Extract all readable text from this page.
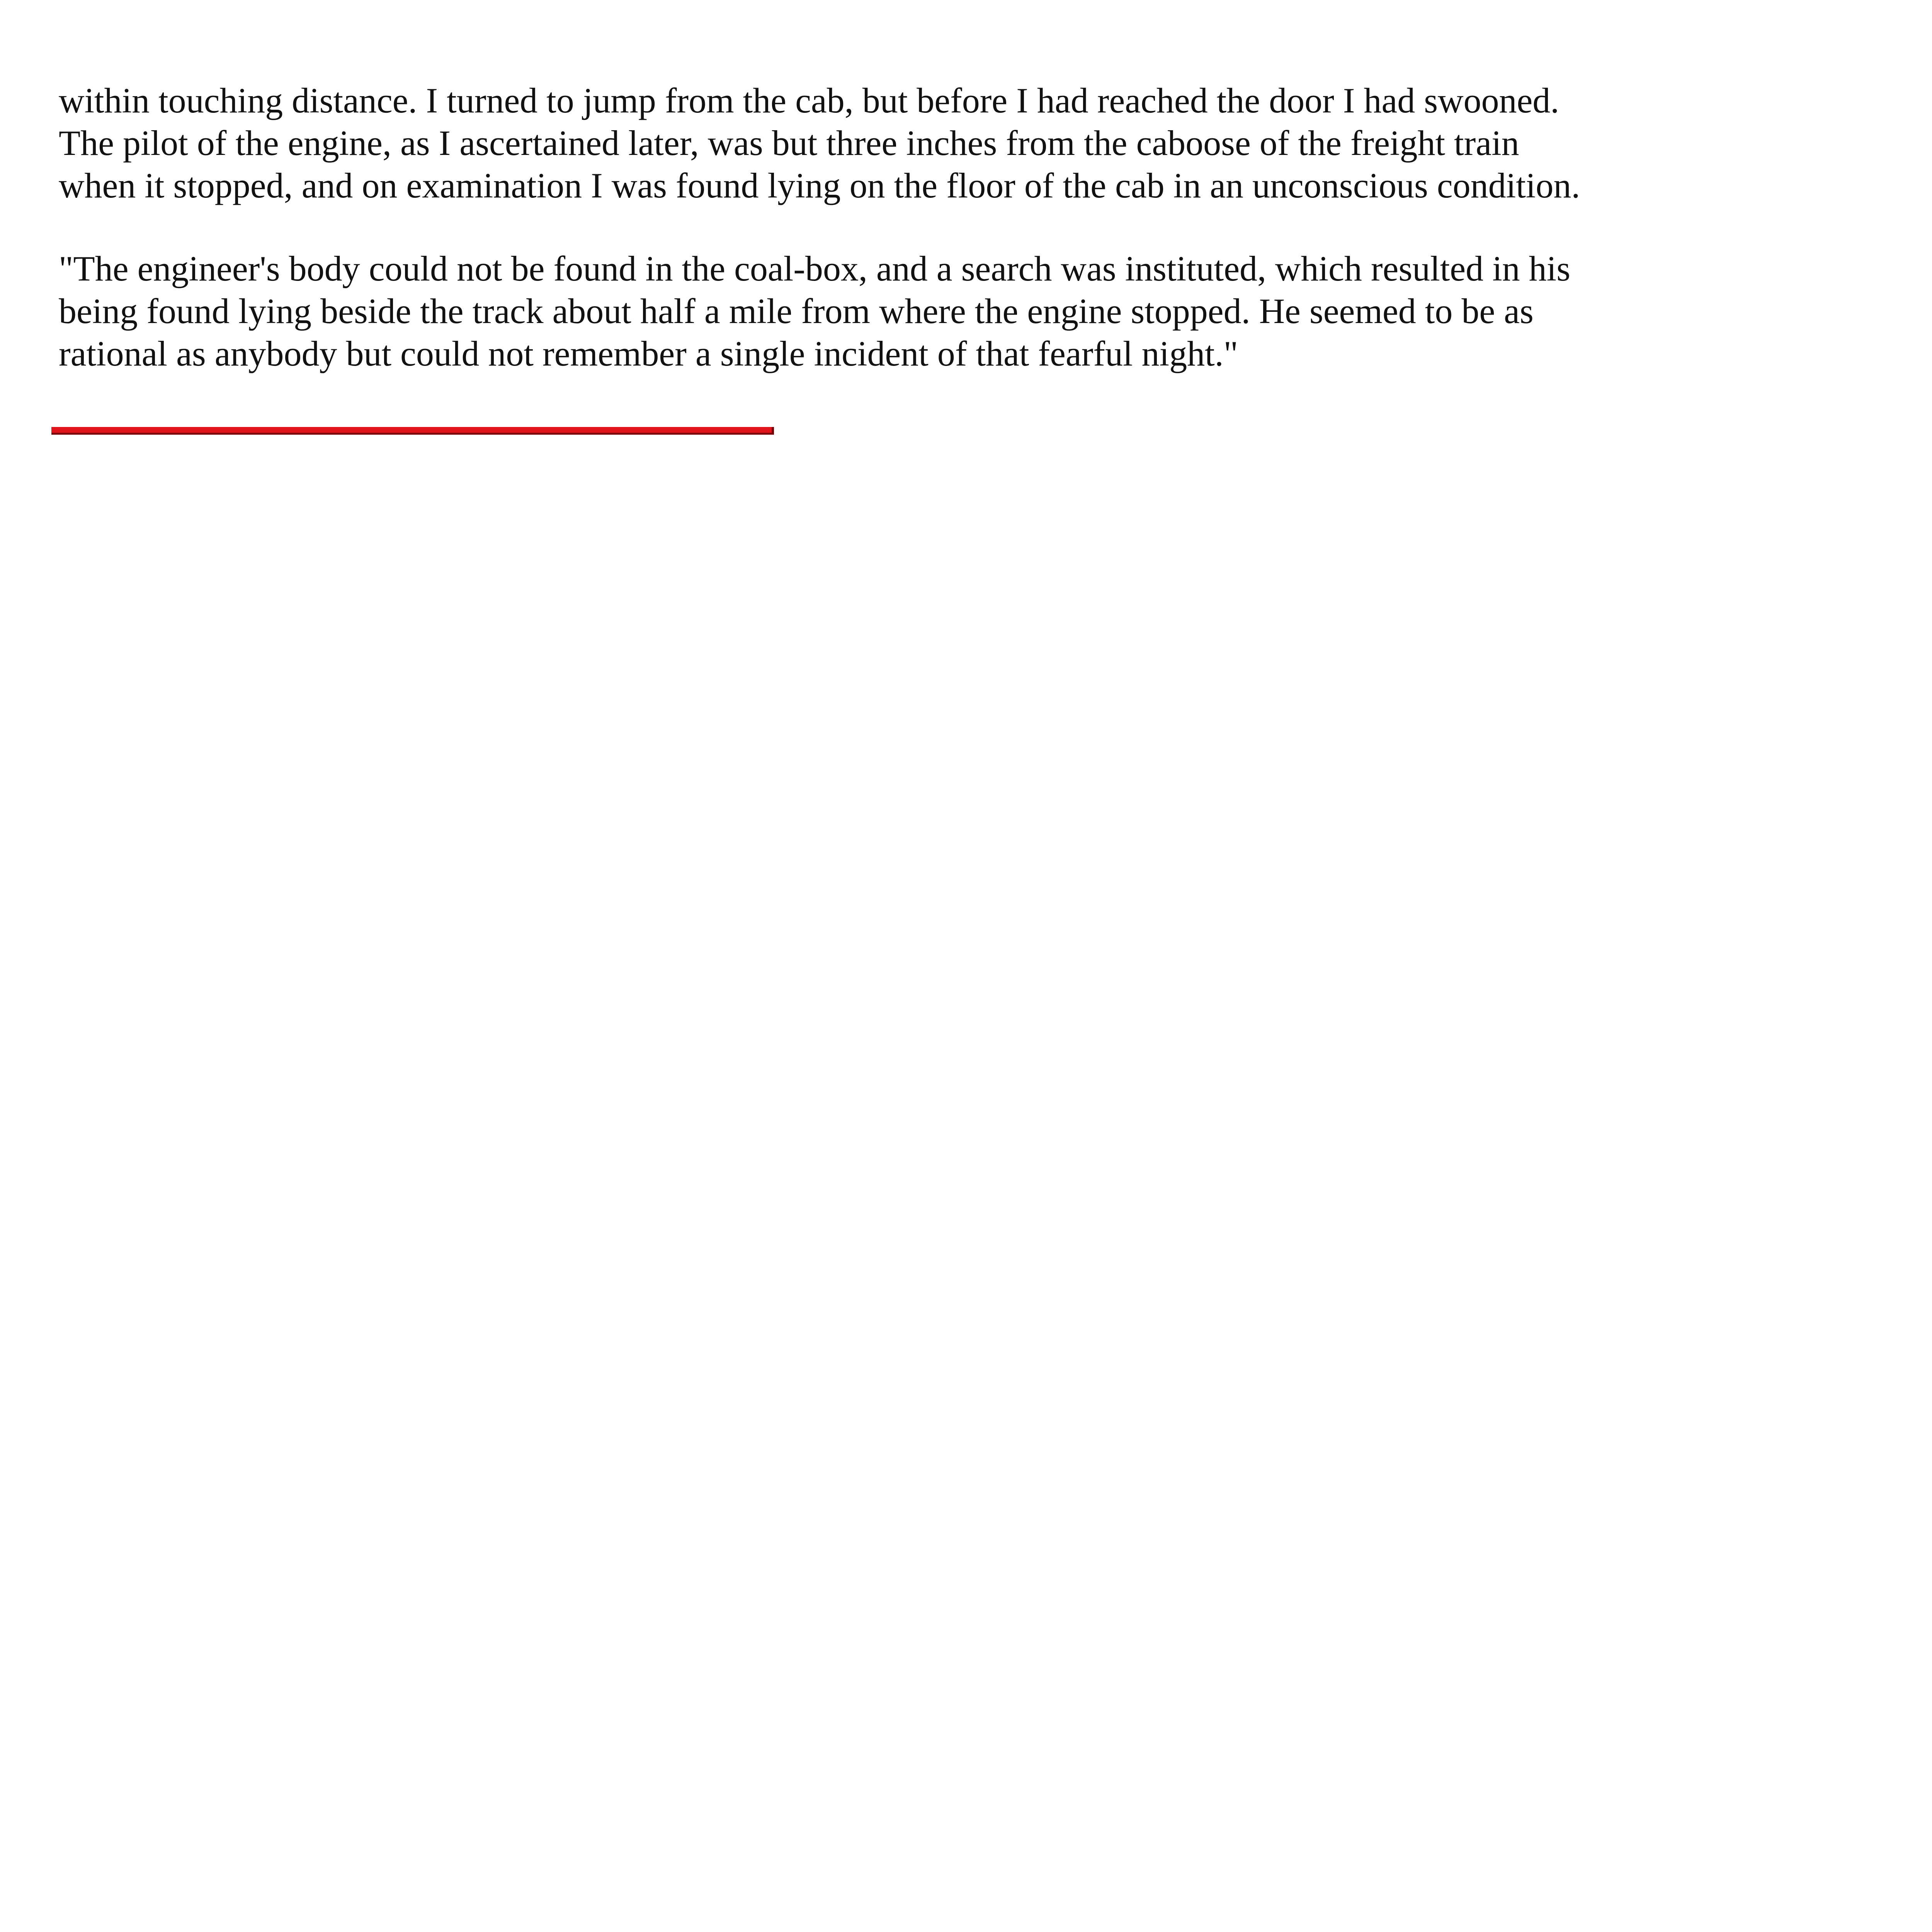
within touching distance. I turned to jump from the cab, but before I had reached the door I had swooned.
The pilot of the engine, as I ascertained later, was but three inches from the caboose of the freight train
when it stopped, and on examination I was found lying on the floor of the cab in an unconscious condition.

"The engineer's body could not be found in the coal-box, and a search was instituted, which resulted in his
being found lying beside the track about half a mile from where the engine stopped. He seemed to be as
rational as anybody but could not remember a single incident of that fearful night."
